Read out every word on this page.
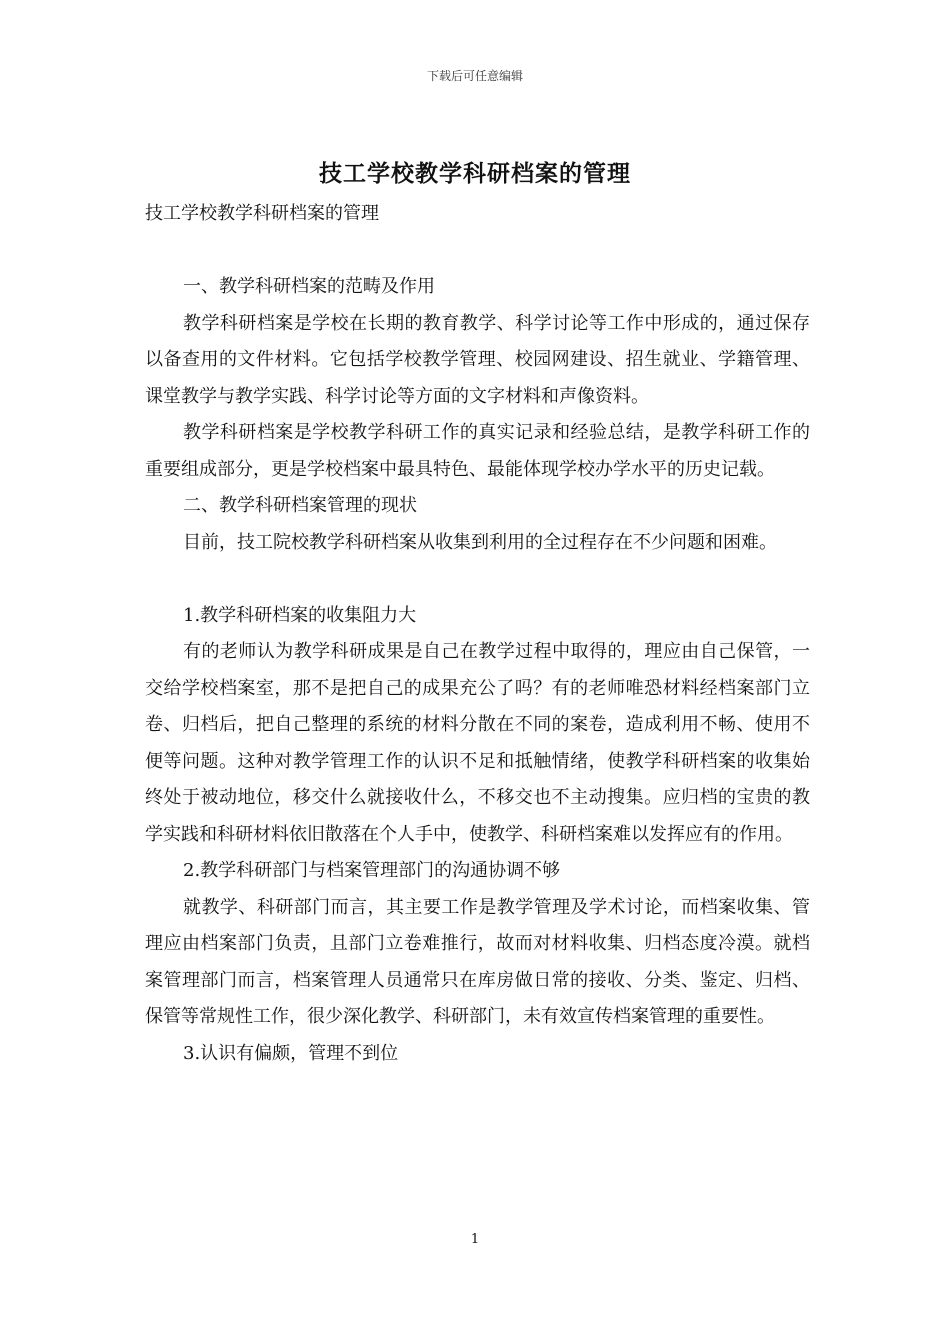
下载后可任意编辑
技工学校教学科研档案的管理

技工学校教学科研档案的管理

一、教学科研档案的范畴及作用

教学科研档案是学校在长期的教育教学、科学讨论等工作中形成的，通过保存以备查用的文件材料。它包括学校教学管理、校园网建设、招生就业、学籍管理、课堂教学与教学实践、科学讨论等方面的文字材料和声像资料。

教学科研档案是学校教学科研工作的真实记录和经验总结，是教学科研工作的重要组成部分，更是学校档案中最具特色、最能体现学校办学水平的历史记载。

二、教学科研档案管理的现状

目前，技工院校教学科研档案从收集到利用的全过程存在不少问题和困难。

1.教学科研档案的收集阻力大

有的老师认为教学科研成果是自己在教学过程中取得的，理应由自己保管，一交给学校档案室，那不是把自己的成果充公了吗？有的老师唯恐材料经档案部门立卷、归档后，把自己整理的系统的材料分散在不同的案卷，造成利用不畅、使用不便等问题。这种对教学管理工作的认识不足和抵触情绪，使教学科研档案的收集始终处于被动地位，移交什么就接收什么，不移交也不主动搜集。应归档的宝贵的教学实践和科研材料依旧散落在个人手中，使教学、科研档案难以发挥应有的作用。

2.教学科研部门与档案管理部门的沟通协调不够

就教学、科研部门而言，其主要工作是教学管理及学术讨论，而档案收集、管理应由档案部门负责，且部门立卷难推行，故而对材料收集、归档态度冷漠。就档案管理部门而言，档案管理人员通常只在库房做日常的接收、分类、鉴定、归档、保管等常规性工作，很少深化教学、科研部门，未有效宣传档案管理的重要性。

3.认识有偏颇，管理不到位

1
